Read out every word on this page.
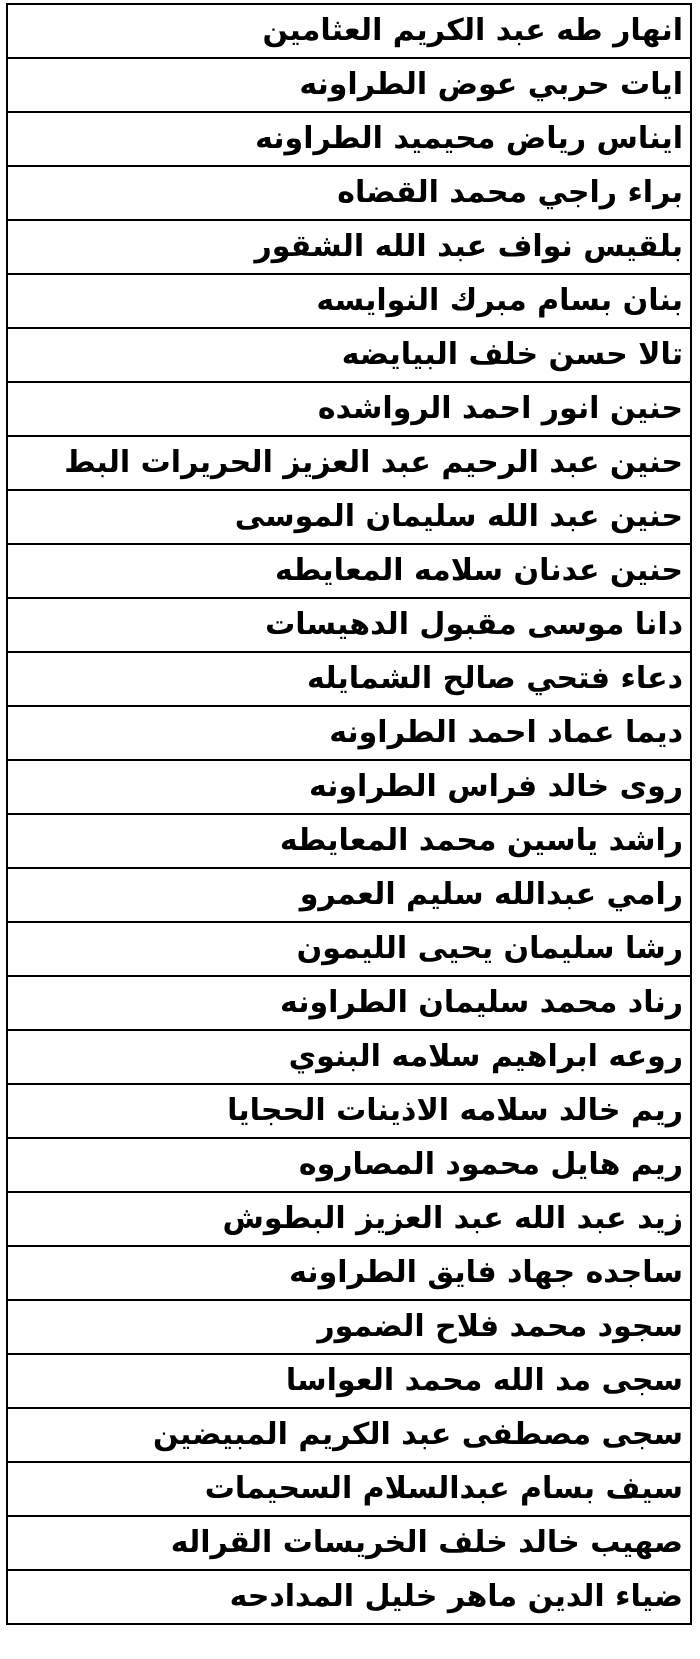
انهار طه عبد الكريم العثامين
ايات حربي عوض الطراونه
ايناس رياض محيميد الطراونه
براء راجي محمد القضاه
بلقيس نواف عبد الله الشقور
بنان بسام مبرك النوايسه
تالا حسن خلف البيايضه
حنين انور احمد الرواشده
حنين عبد الرحيم عبد العزيز الحريرات البط
حنين عبد الله سليمان الموسى
حنين عدنان سلامه المعايطه
دانا موسى مقبول الدهيسات
دعاء فتحي صالح الشمايله
ديما عماد احمد الطراونه
روى خالد فراس الطراونه
راشد ياسين محمد المعايطه
رامي عبدالله سليم العمرو
رشا سليمان يحيى الليمون
رناد محمد سليمان الطراونه
روعه ابراهيم سلامه البنوي
ريم خالد سلامه الاذينات الحجايا
ريم هايل محمود المصاروه
زيد عبد الله عبد العزيز البطوش
ساجده جهاد فايق الطراونه
سجود محمد فلاح الضمور
سجى مد الله محمد العواسا
سجى مصطفى عبد الكريم المبيضين
سيف بسام عبدالسلام السحيمات
صهيب خالد خلف الخريسات القراله
ضياء الدين ماهر خليل المدادحه
